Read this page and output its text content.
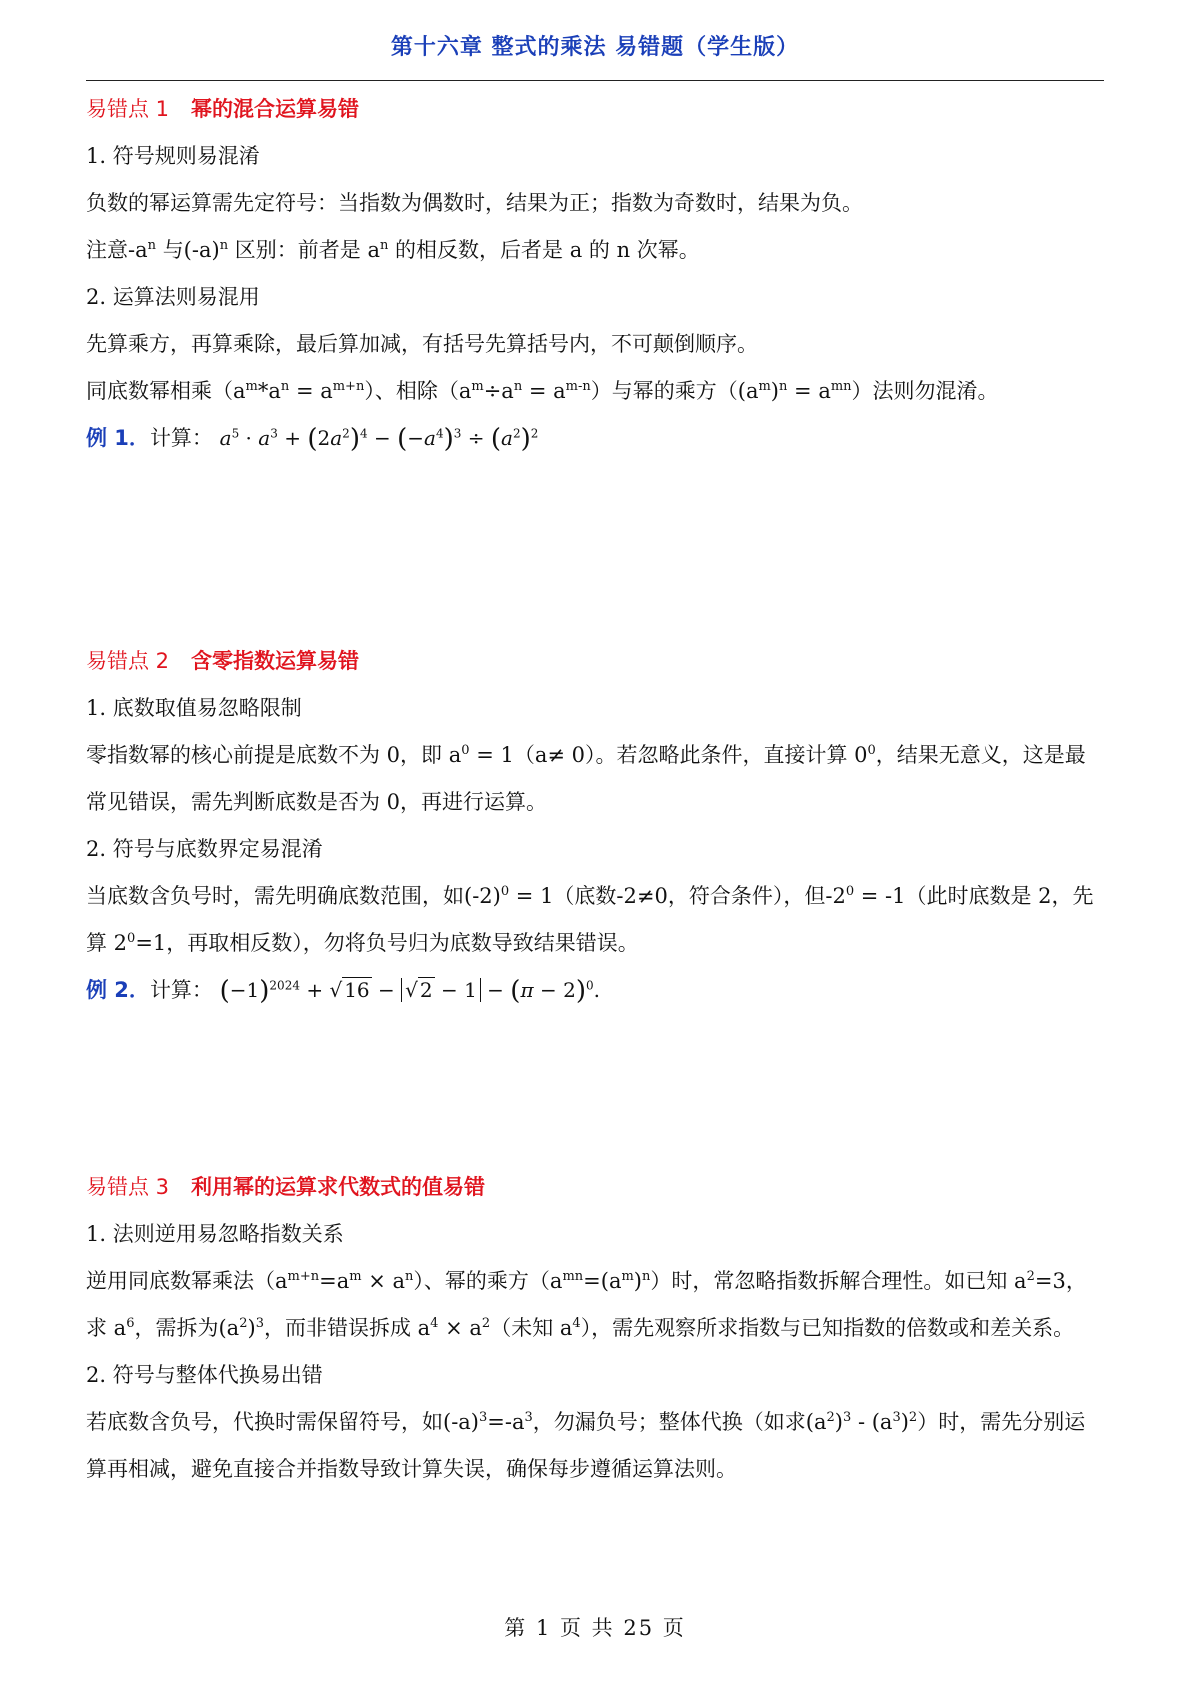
第十六章 整式的乘法 易错题（学生版）
易错点 1 幂的混合运算易错
1. 符号规则易混淆
负数的幂运算需先定符号：当指数为偶数时，结果为正；指数为奇数时，结果为负。
注意$-a^n$ 与$(-a)^n$ 区别：前者是 $a^n$ 的相反数，后者是 a 的 n 次幂。
2. 运算法则易混用
先算乘方，再算乘除，最后算加减，有括号先算括号内，不可颠倒顺序。
同底数幂相乘$(a^m*a^n = a^{m+n})$、相除$(a^m\div a^n = a^{m-n})$与幂的乘方$((a^m)^n = a^{mn})$法则勿混淆。
例 1．计算： $a^5 \cdot a^3 + (2a^2)^4 - (-a^4)^3 \div (a^2)^2$
易错点 2 含零指数运算易错
1. 底数取值易忽略限制
零指数幂的核心前提是底数不为 0，即 $a^0 = 1(a\ne 0)$。若忽略此条件，直接计算 $0^0$，结果无意义，这是最常见错误，需先判断底数是否为 0，再进行运算。
2. 符号与底数界定易混淆
当底数含负号时，需先明确底数范围，如$(-2)^0 = 1$（底数-2≠0，符合条件），但$-2^0 = -1$（此时底数是 2，先算 $2^0=1$，再取相反数），勿将负号归为底数导致结果错误。
例 2．计算： $(-1)^{2024}$ + √ 16 − √ $2 - 1 - (\pi - 2)^0$.
易错点 3 利用幂的运算求代数式的值易错
1. 法则逆用易忽略指数关系
逆用同底数幂乘法$(a^{m+n}=a^m \times a^n)$、幂的乘方$(a^{mn}=(a^m)^n)$时，常忽略指数拆解合理性。如已知 $a^2=3$，求 $a^6$，需拆为$(a^2)^3$，而非错误拆成 $a^4 \times a^2$（未知 $a^4$），需先观察所求指数与已知指数的倍数或和差关系。
2. 符号与整体代换易出错
若底数含负号，代换时需保留符号，如$(-a)^3=-a^3$，勿漏负号；整体代换（如求$(a^2)^3 - (a^3)^2$）时，需先分别运算再相减，避免直接合并指数导致计算失误，确保每步遵循运算法则。
第 1 页 共 25 页
